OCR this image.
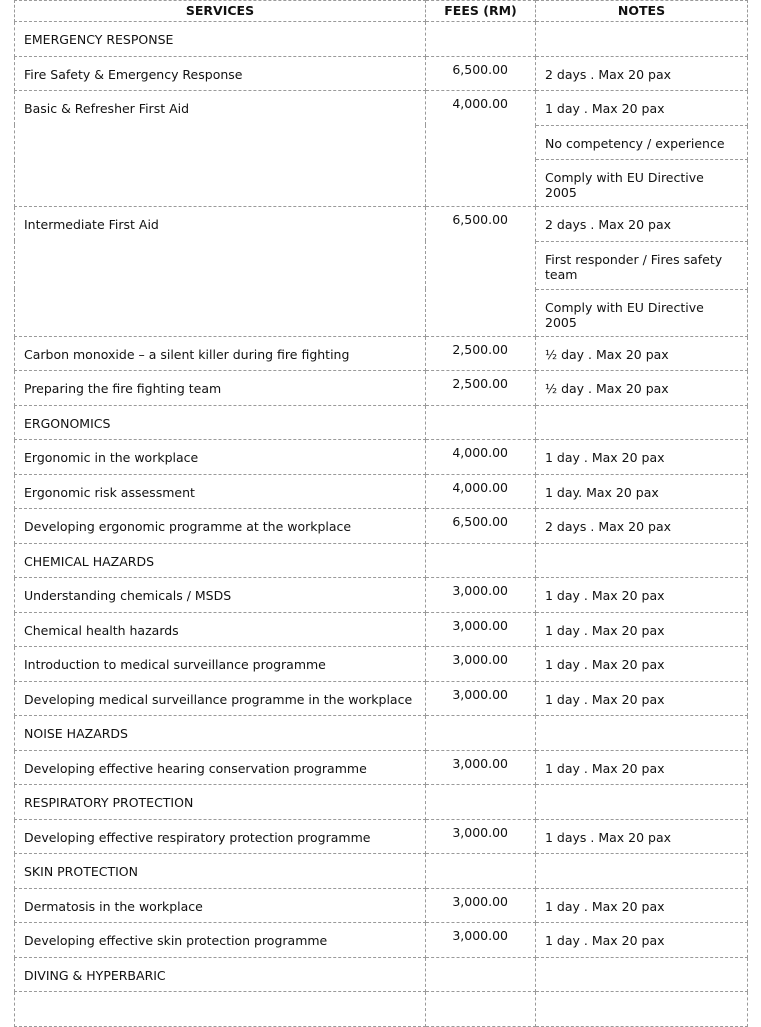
SERVICES	FEES (RM)	NOTES
EMERGENCY RESPONSE		
Fire Safety & Emergency Response	6,500.00	2 days . Max 20 pax
Basic & Refresher First Aid	4,000.00	1 day . Max 20 pax
		No competency / experience
		Comply with EU Directive 2005
Intermediate First Aid	6,500.00	2 days . Max 20 pax
		First responder / Fires safety team
		Comply with EU Directive 2005
Carbon monoxide – a silent killer during fire fighting	2,500.00	½ day . Max 20 pax
Preparing the fire fighting team	2,500.00	½ day . Max 20 pax
ERGONOMICS		
Ergonomic in the workplace	4,000.00	1 day . Max 20 pax
Ergonomic risk assessment	4,000.00	1 day. Max 20 pax
Developing ergonomic programme at the workplace	6,500.00	2 days . Max 20 pax
CHEMICAL HAZARDS		
Understanding chemicals / MSDS	3,000.00	1 day . Max 20 pax
Chemical health hazards	3,000.00	1 day . Max 20 pax
Introduction to medical surveillance programme	3,000.00	1 day . Max 20 pax
Developing medical surveillance programme in the workplace	3,000.00	1 day . Max 20 pax
NOISE HAZARDS		
Developing effective hearing conservation programme	3,000.00	1 day . Max 20 pax
RESPIRATORY PROTECTION		
Developing effective respiratory protection programme	3,000.00	1 days . Max 20 pax
SKIN PROTECTION		
Dermatosis in the workplace	3,000.00	1 day . Max 20 pax
Developing effective skin protection programme	3,000.00	1 day . Max 20 pax
DIVING & HYPERBARIC		
